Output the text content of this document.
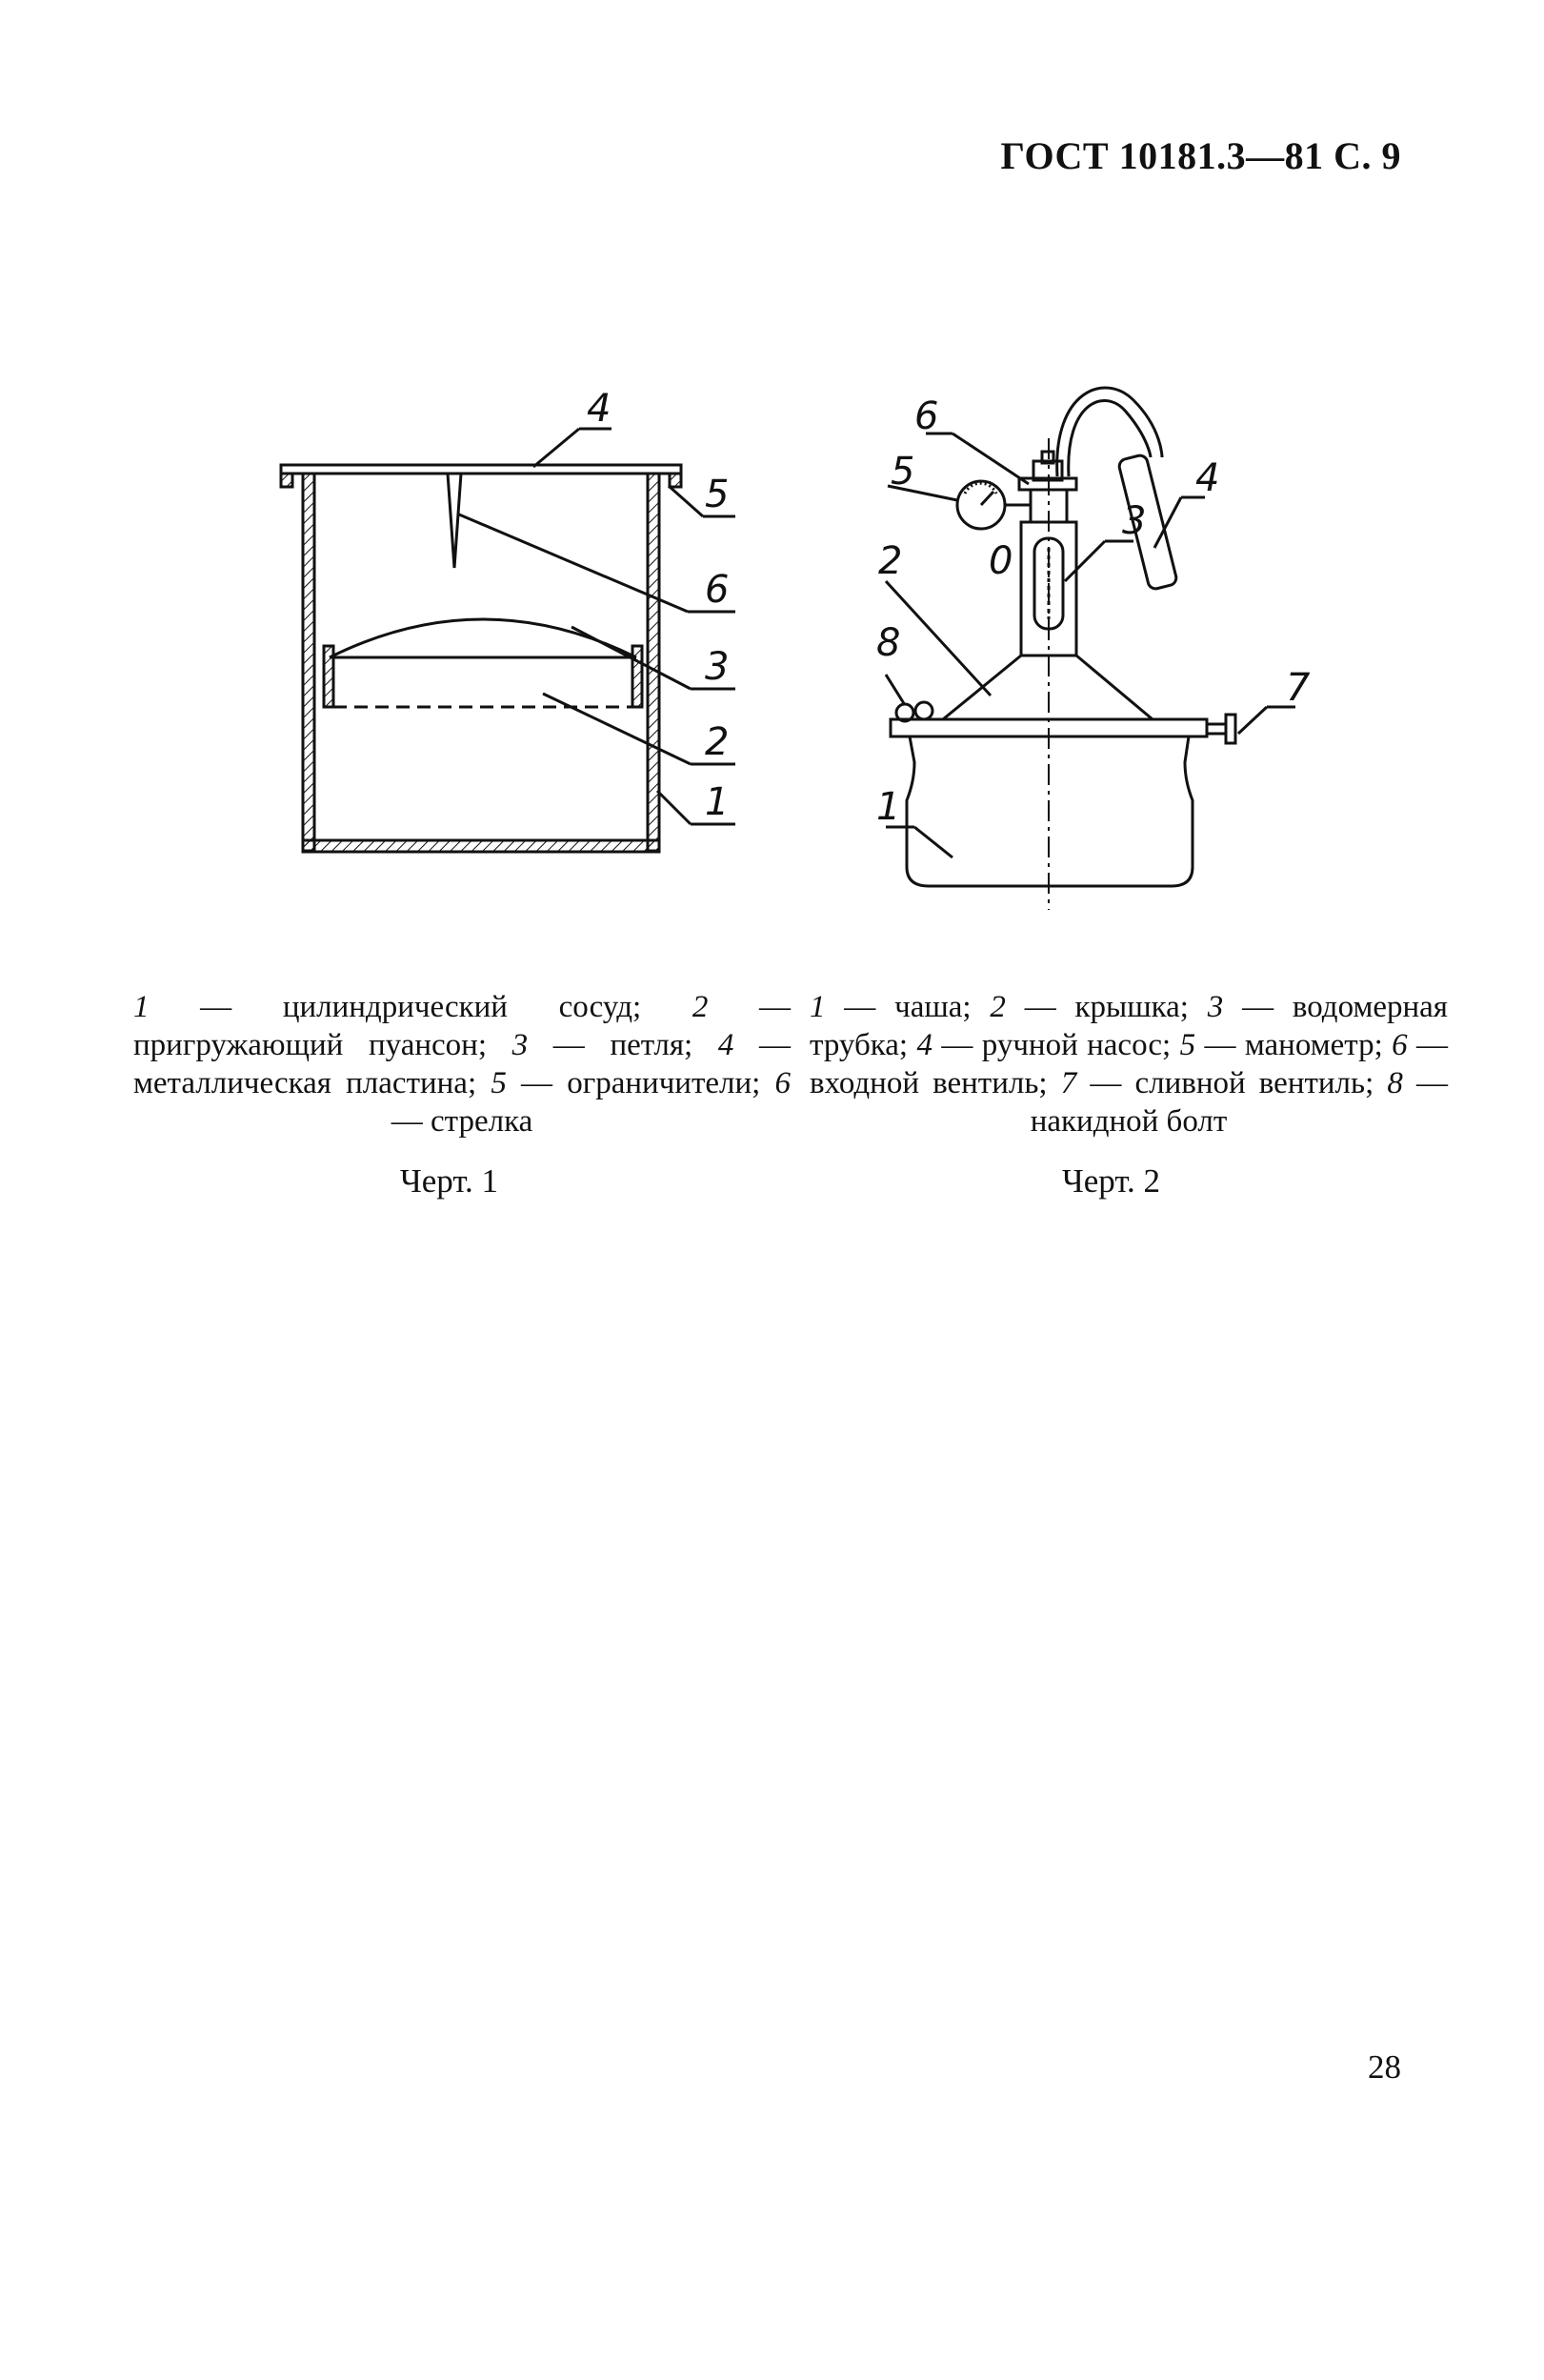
ГОСТ 10181.3—81 С. 9
4
5
6
3
2
1
6
5	4
3
2 0
8
7
1
1 — цилиндрический сосуд; 2 — пригружающий пуансон; 3 — петля; 4 — металлическая пластина; 5 — ограничители; 6 — стрелка
1 — чаша; 2 — крышка; 3 — водомерная трубка; 4 — ручной насос; 5 — манометр; 6 — входной вентиль; 7 — сливной вентиль; 8 — накидной болт
Черт. 1	Черт. 2
28
